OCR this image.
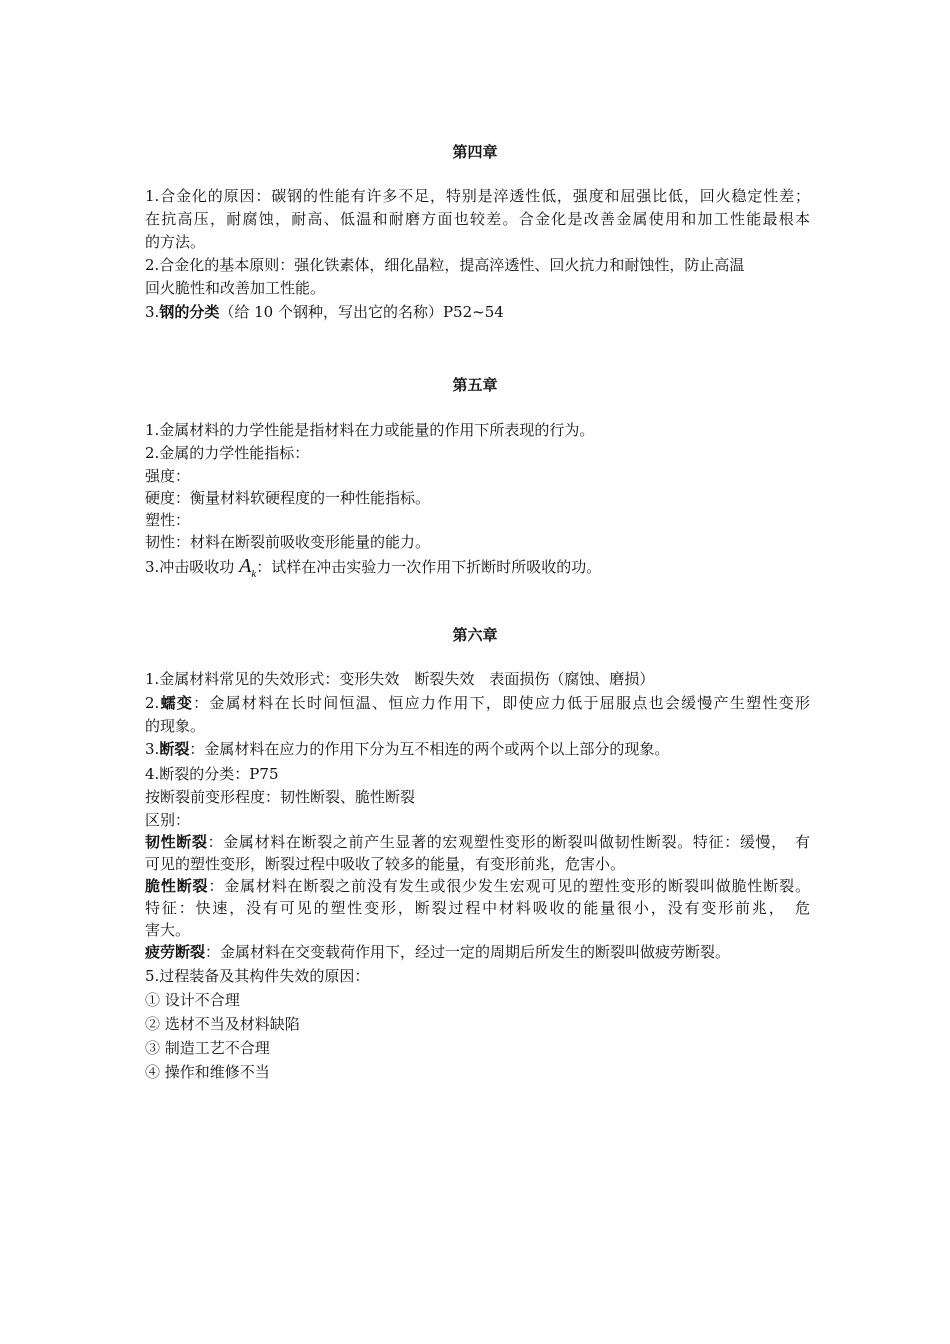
第四章
1.合金化的原因：碳钢的性能有许多不足，特别是淬透性低，强度和屈强比低，回火稳定性差；
在抗高压，耐腐蚀，耐高、低温和耐磨方面也较差。合金化是改善金属使用和加工性能最根本
的方法。
2.合金化的基本原则：强化铁素体，细化晶粒，提高淬透性、回火抗力和耐蚀性，防止高温
回火脆性和改善加工性能。
3.钢的分类（给 10 个钢种，写出它的名称）P52~54
第五章
1.金属材料的力学性能是指材料在力或能量的作用下所表现的行为。
2.金属的力学性能指标：
强度：
硬度：衡量材料软硬程度的一种性能指标。
塑性：
韧性：材料在断裂前吸收变形能量的能力。
3.冲击吸收功 $A_k$：试样在冲击实验力一次作用下折断时所吸收的功。
第六章
1.金属材料常见的失效形式：变形失效　断裂失效　表面损伤（腐蚀、磨损）
2.蠕变：金属材料在长时间恒温、恒应力作用下，即使应力低于屈服点也会缓慢产生塑性变形
的现象。
3.断裂：金属材料在应力的作用下分为互不相连的两个或两个以上部分的现象。
4.断裂的分类：P75
按断裂前变形程度：韧性断裂、脆性断裂
区别：
韧性断裂：金属材料在断裂之前产生显著的宏观塑性变形的断裂叫做韧性断裂。特征：缓慢，　有
可见的塑性变形，断裂过程中吸收了较多的能量，有变形前兆，危害小。
脆性断裂：金属材料在断裂之前没有发生或很少发生宏观可见的塑性变形的断裂叫做脆性断裂。
特征：快速，没有可见的塑性变形，断裂过程中材料吸收的能量很小，没有变形前兆，　危
害大。
疲劳断裂：金属材料在交变载荷作用下，经过一定的周期后所发生的断裂叫做疲劳断裂。
5.过程装备及其构件失效的原因：
① 设计不合理
② 选材不当及材料缺陷
③ 制造工艺不合理
④ 操作和维修不当
